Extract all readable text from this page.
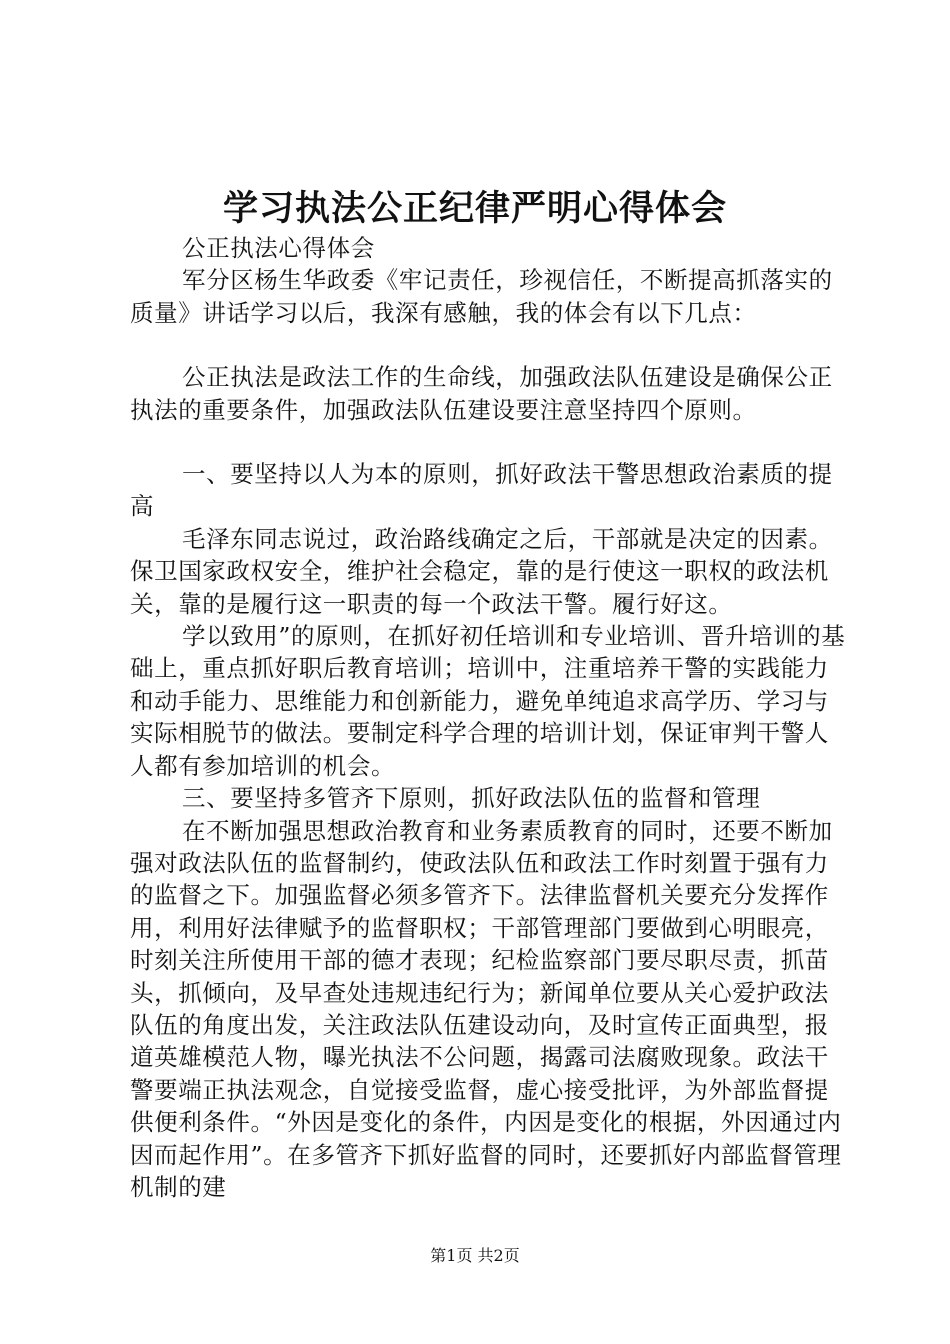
学习执法公正纪律严明心得体会

公正执法心得体会

军分区杨生华政委《牢记责任，珍视信任，不断提高抓落实的质量》讲话学习以后，我深有感触，我的体会有以下几点：

公正执法是政法工作的生命线，加强政法队伍建设是确保公正执法的重要条件，加强政法队伍建设要注意坚持四个原则。

一、要坚持以人为本的原则，抓好政法干警思想政治素质的提高

毛泽东同志说过，政治路线确定之后，干部就是决定的因素。保卫国家政权安全，维护社会稳定，靠的是行使这一职权的政法机关，靠的是履行这一职责的每一个政法干警。履行好这。

学以致用”的原则，在抓好初任培训和专业培训、晋升培训的基础上，重点抓好职后教育培训；培训中，注重培养干警的实践能力和动手能力、思维能力和创新能力，避免单纯追求高学历、学习与实际相脱节的做法。要制定科学合理的培训计划，保证审判干警人人都有参加培训的机会。

三、要坚持多管齐下原则，抓好政法队伍的监督和管理

在不断加强思想政治教育和业务素质教育的同时，还要不断加强对政法队伍的监督制约，使政法队伍和政法工作时刻置于强有力的监督之下。加强监督必须多管齐下。法律监督机关要充分发挥作用，利用好法律赋予的监督职权；干部管理部门要做到心明眼亮，时刻关注所使用干部的德才表现；纪检监察部门要尽职尽责，抓苗头，抓倾向，及早查处违规违纪行为；新闻单位要从关心爱护政法队伍的角度出发，关注政法队伍建设动向，及时宣传正面典型，报道英雄模范人物，曝光执法不公问题，揭露司法腐败现象。政法干警要端正执法观念，自觉接受监督，虚心接受批评，为外部监督提供便利条件。“外因是变化的条件，内因是变化的根据，外因通过内因而起作用”。在多管齐下抓好监督的同时，还要抓好内部监督管理机制的建

第1页 共2页
